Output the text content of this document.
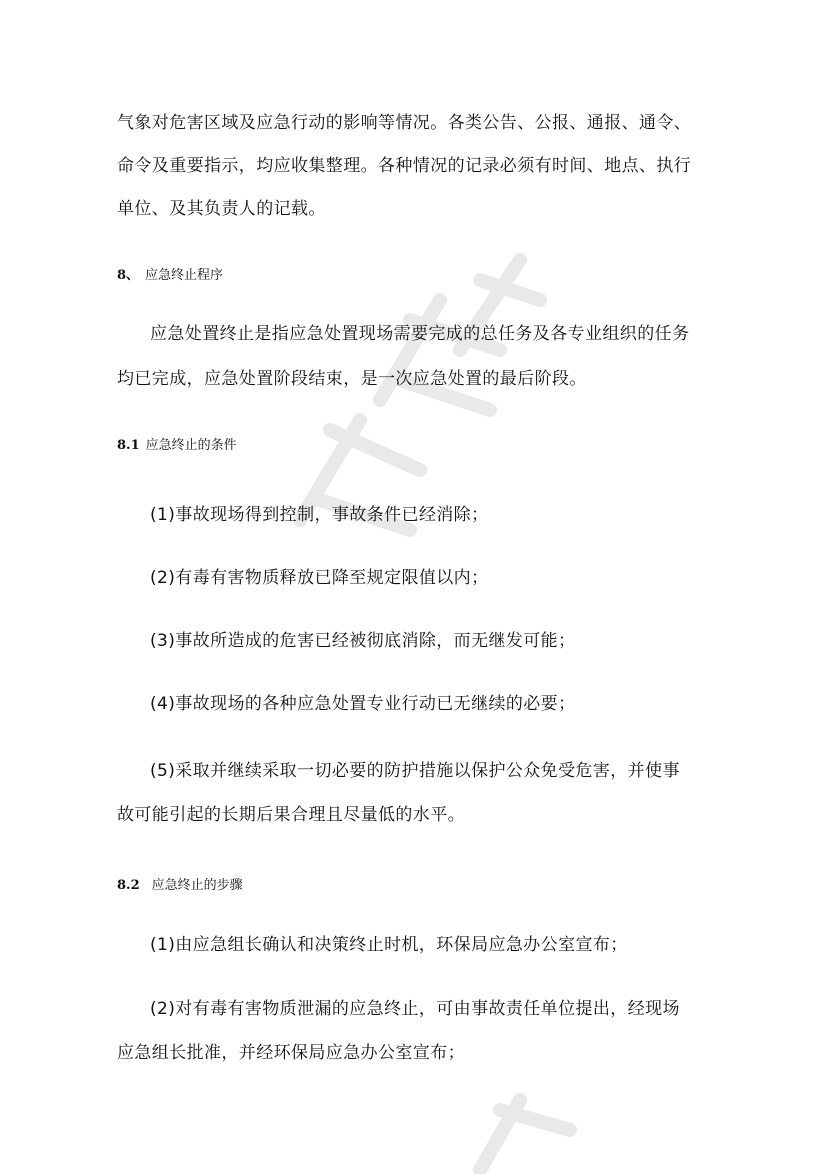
气象对危害区域及应急行动的影响等情况。各类公告、公报、通报、通令、
命令及重要指示，均应收集整理。各种情况的记录必须有时间、地点、执行
单位、及其负责人的记载。
8、 应急终止程序
应急处置终止是指应急处置现场需要完成的总任务及各专业组织的任务
均已完成，应急处置阶段结束，是一次应急处置的最后阶段。
8.1 应急终止的条件
(1)事故现场得到控制，事故条件已经消除；
(2)有毒有害物质释放已降至规定限值以内；
(3)事故所造成的危害已经被彻底消除，而无继发可能；
(4)事故现场的各种应急处置专业行动已无继续的必要；
(5)采取并继续采取一切必要的防护措施以保护公众免受危害，并使事
故可能引起的长期后果合理且尽量低的水平。
8.2 应急终止的步骤
(1)由应急组长确认和决策终止时机，环保局应急办公室宣布；
(2)对有毒有害物质泄漏的应急终止，可由事故责任单位提出，经现场
应急组长批准，并经环保局应急办公室宣布；
